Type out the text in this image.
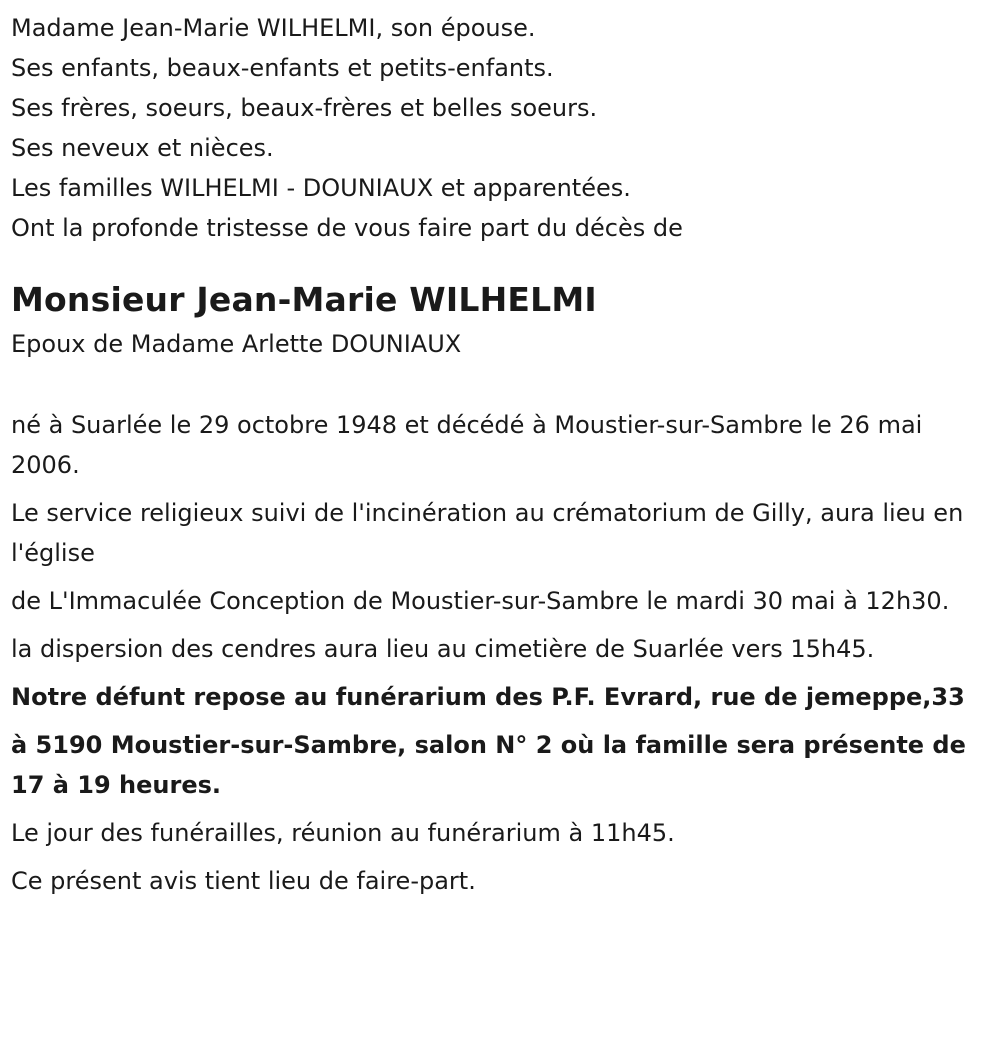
Madame Jean-Marie WILHELMI, son épouse.
Ses enfants, beaux-enfants et petits-enfants.
Ses frères, soeurs, beaux-frères et belles soeurs.
Ses neveux et nièces.
Les familles WILHELMI - DOUNIAUX et apparentées.
Ont la profonde tristesse de vous faire part du décès de
Monsieur Jean-Marie WILHELMI

Epoux de Madame Arlette DOUNIAUX

né à Suarlée le 29 octobre 1948 et décédé à Moustier-sur-Sambre le 26 mai 2006.

Le service religieux suivi de l'incinération au crématorium de Gilly, aura lieu en l'église

de L'Immaculée Conception de Moustier-sur-Sambre le mardi 30 mai à 12h30.

la dispersion des cendres aura lieu au cimetière de Suarlée vers 15h45.

Notre défunt repose au funérarium des P.F. Evrard, rue de jemeppe,33

à 5190 Moustier-sur-Sambre, salon N° 2 où la famille sera présente de 17 à 19 heures.

Le jour des funérailles, réunion au funérarium à 11h45.

Ce présent avis tient lieu de faire-part.
